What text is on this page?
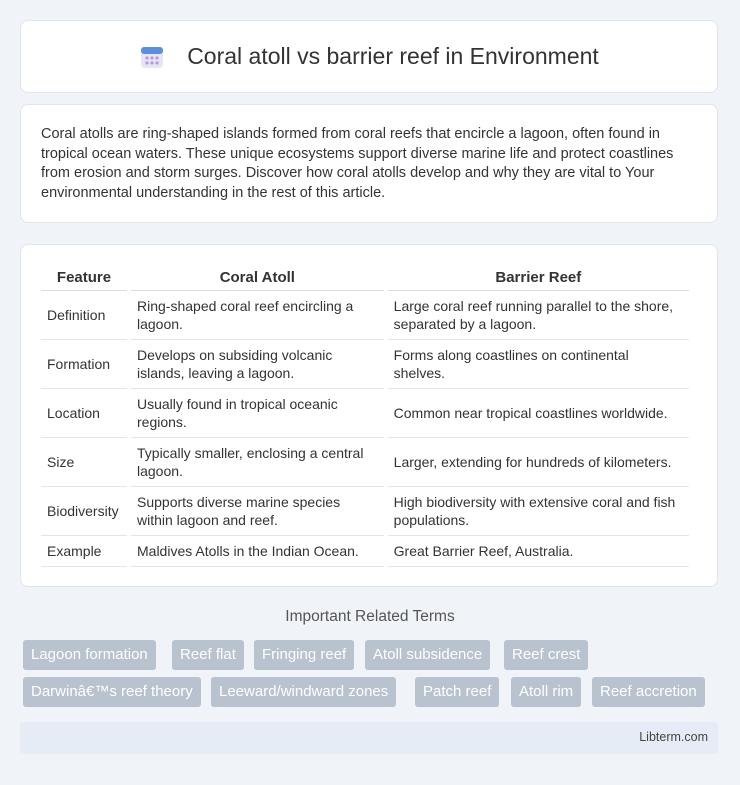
Coral atoll vs barrier reef in Environment

Coral atolls are ring-shaped islands formed from coral reefs that encircle a lagoon, often found in tropical ocean waters. These unique ecosystems support diverse marine life and protect coastlines from erosion and storm surges. Discover how coral atolls develop and why they are vital to Your environmental understanding in the rest of this article.

Feature	Coral Atoll	Barrier Reef
Definition	Ring-shaped coral reef encircling a lagoon.	Large coral reef running parallel to the shore, separated by a lagoon.
Formation	Develops on subsiding volcanic islands, leaving a lagoon.	Forms along coastlines on continental shelves.
Location	Usually found in tropical oceanic regions.	Common near tropical coastlines worldwide.
Size	Typically smaller, enclosing a central lagoon.	Larger, extending for hundreds of kilometers.
Biodiversity	Supports diverse marine species within lagoon and reef.	High biodiversity with extensive coral and fish populations.
Example	Maldives Atolls in the Indian Ocean.	Great Barrier Reef, Australia.
Important Related Terms
Lagoon formation	Reef flat	Fringing reef	Atoll subsidence	Reef crest
Darwinâ€™s reef theory	Leeward/windward zones	Patch reef	Atoll rim	Reef accretion
Libterm.com
